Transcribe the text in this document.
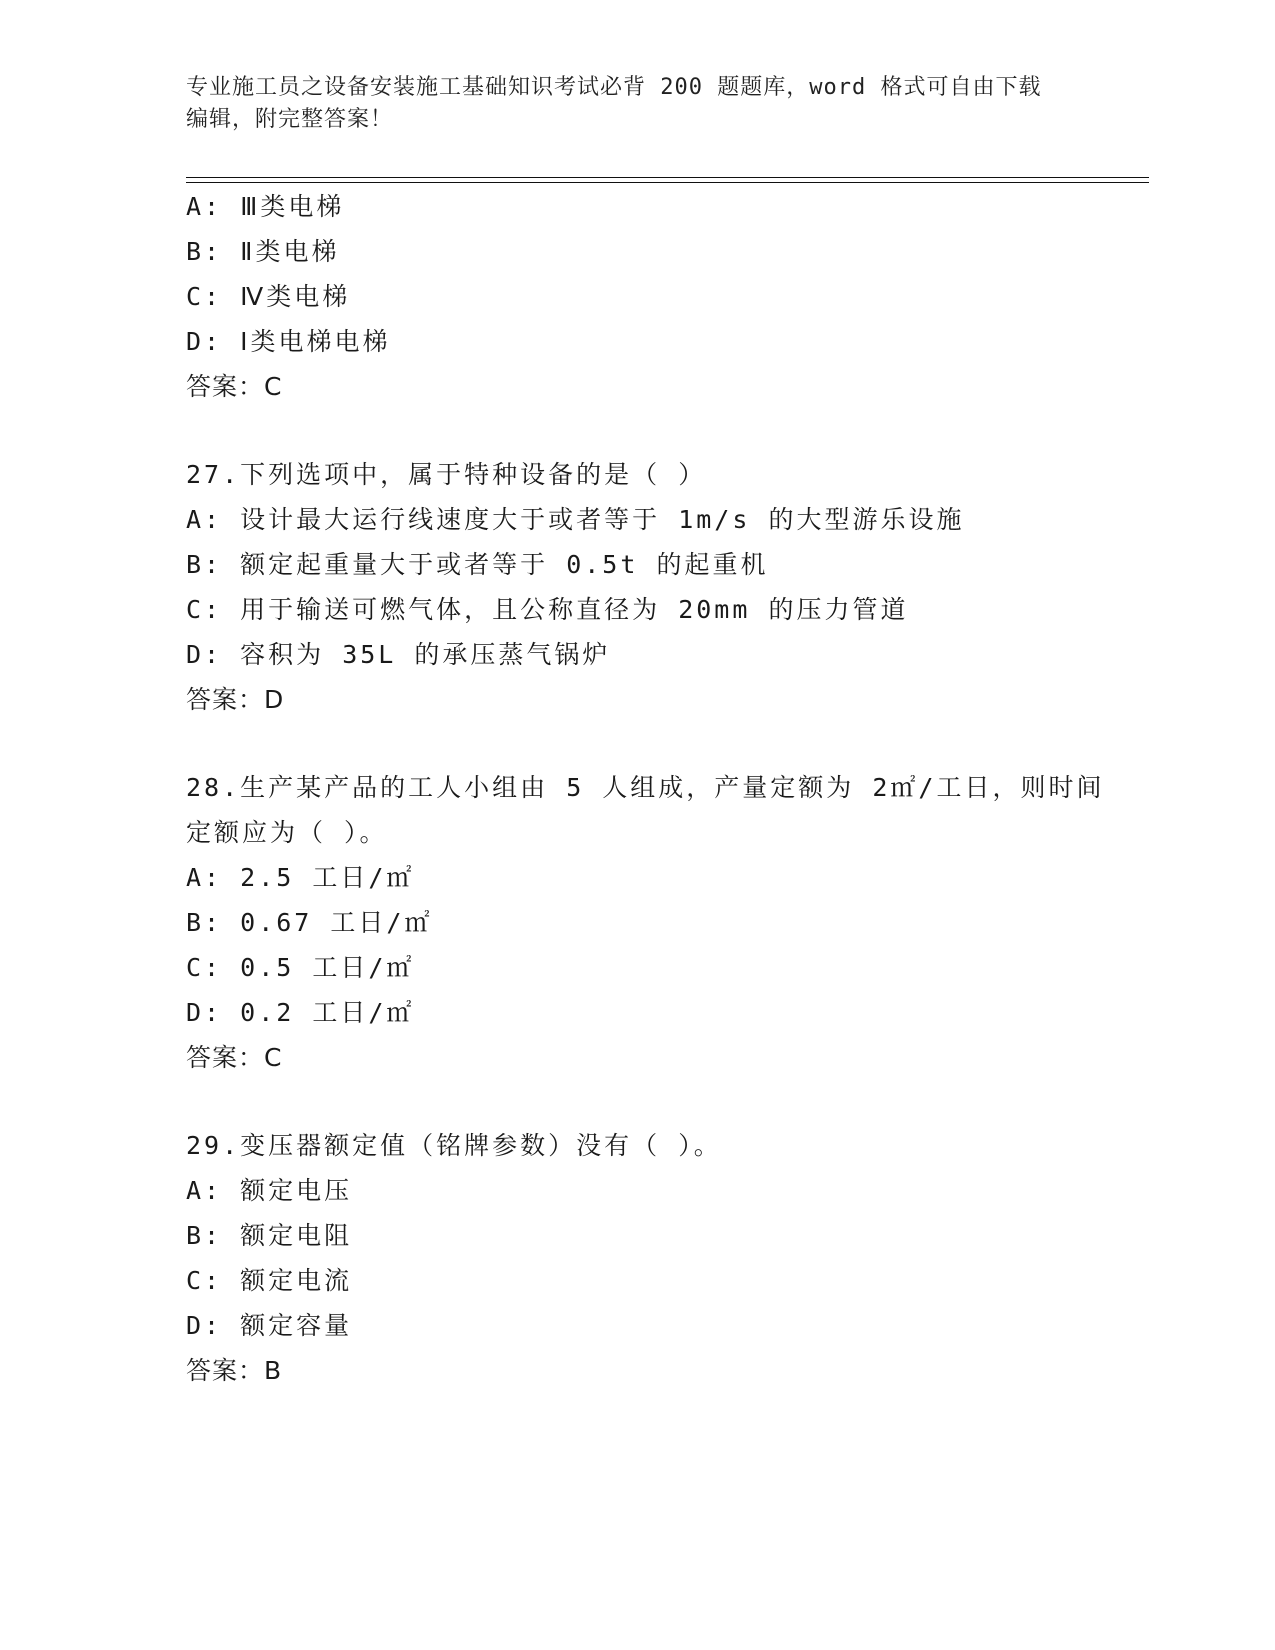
专业施工员之设备安装施工基础知识考试必背 200 题题库，word 格式可自由下载
编辑，附完整答案！
A: Ⅲ类电梯
B: Ⅱ类电梯
C: Ⅳ类电梯
D: Ⅰ类电梯电梯
答案：C
27.下列选项中，属于特种设备的是（ ）
A: 设计最大运行线速度大于或者等于 1m/s 的大型游乐设施
B: 额定起重量大于或者等于 0.5t 的起重机
C: 用于输送可燃气体，且公称直径为 20mm 的压力管道
D: 容积为 35L 的承压蒸气锅炉
答案：D
28.生产某产品的工人小组由 5 人组成，产量定额为 2㎡/工日，则时间
定额应为（ ）。
A: 2.5 工日/㎡
B: 0.67 工日/㎡
C: 0.5 工日/㎡
D: 0.2 工日/㎡
答案：C
29.变压器额定值（铭牌参数）没有（ ）。
A: 额定电压
B: 额定电阻
C: 额定电流
D: 额定容量
答案：B
